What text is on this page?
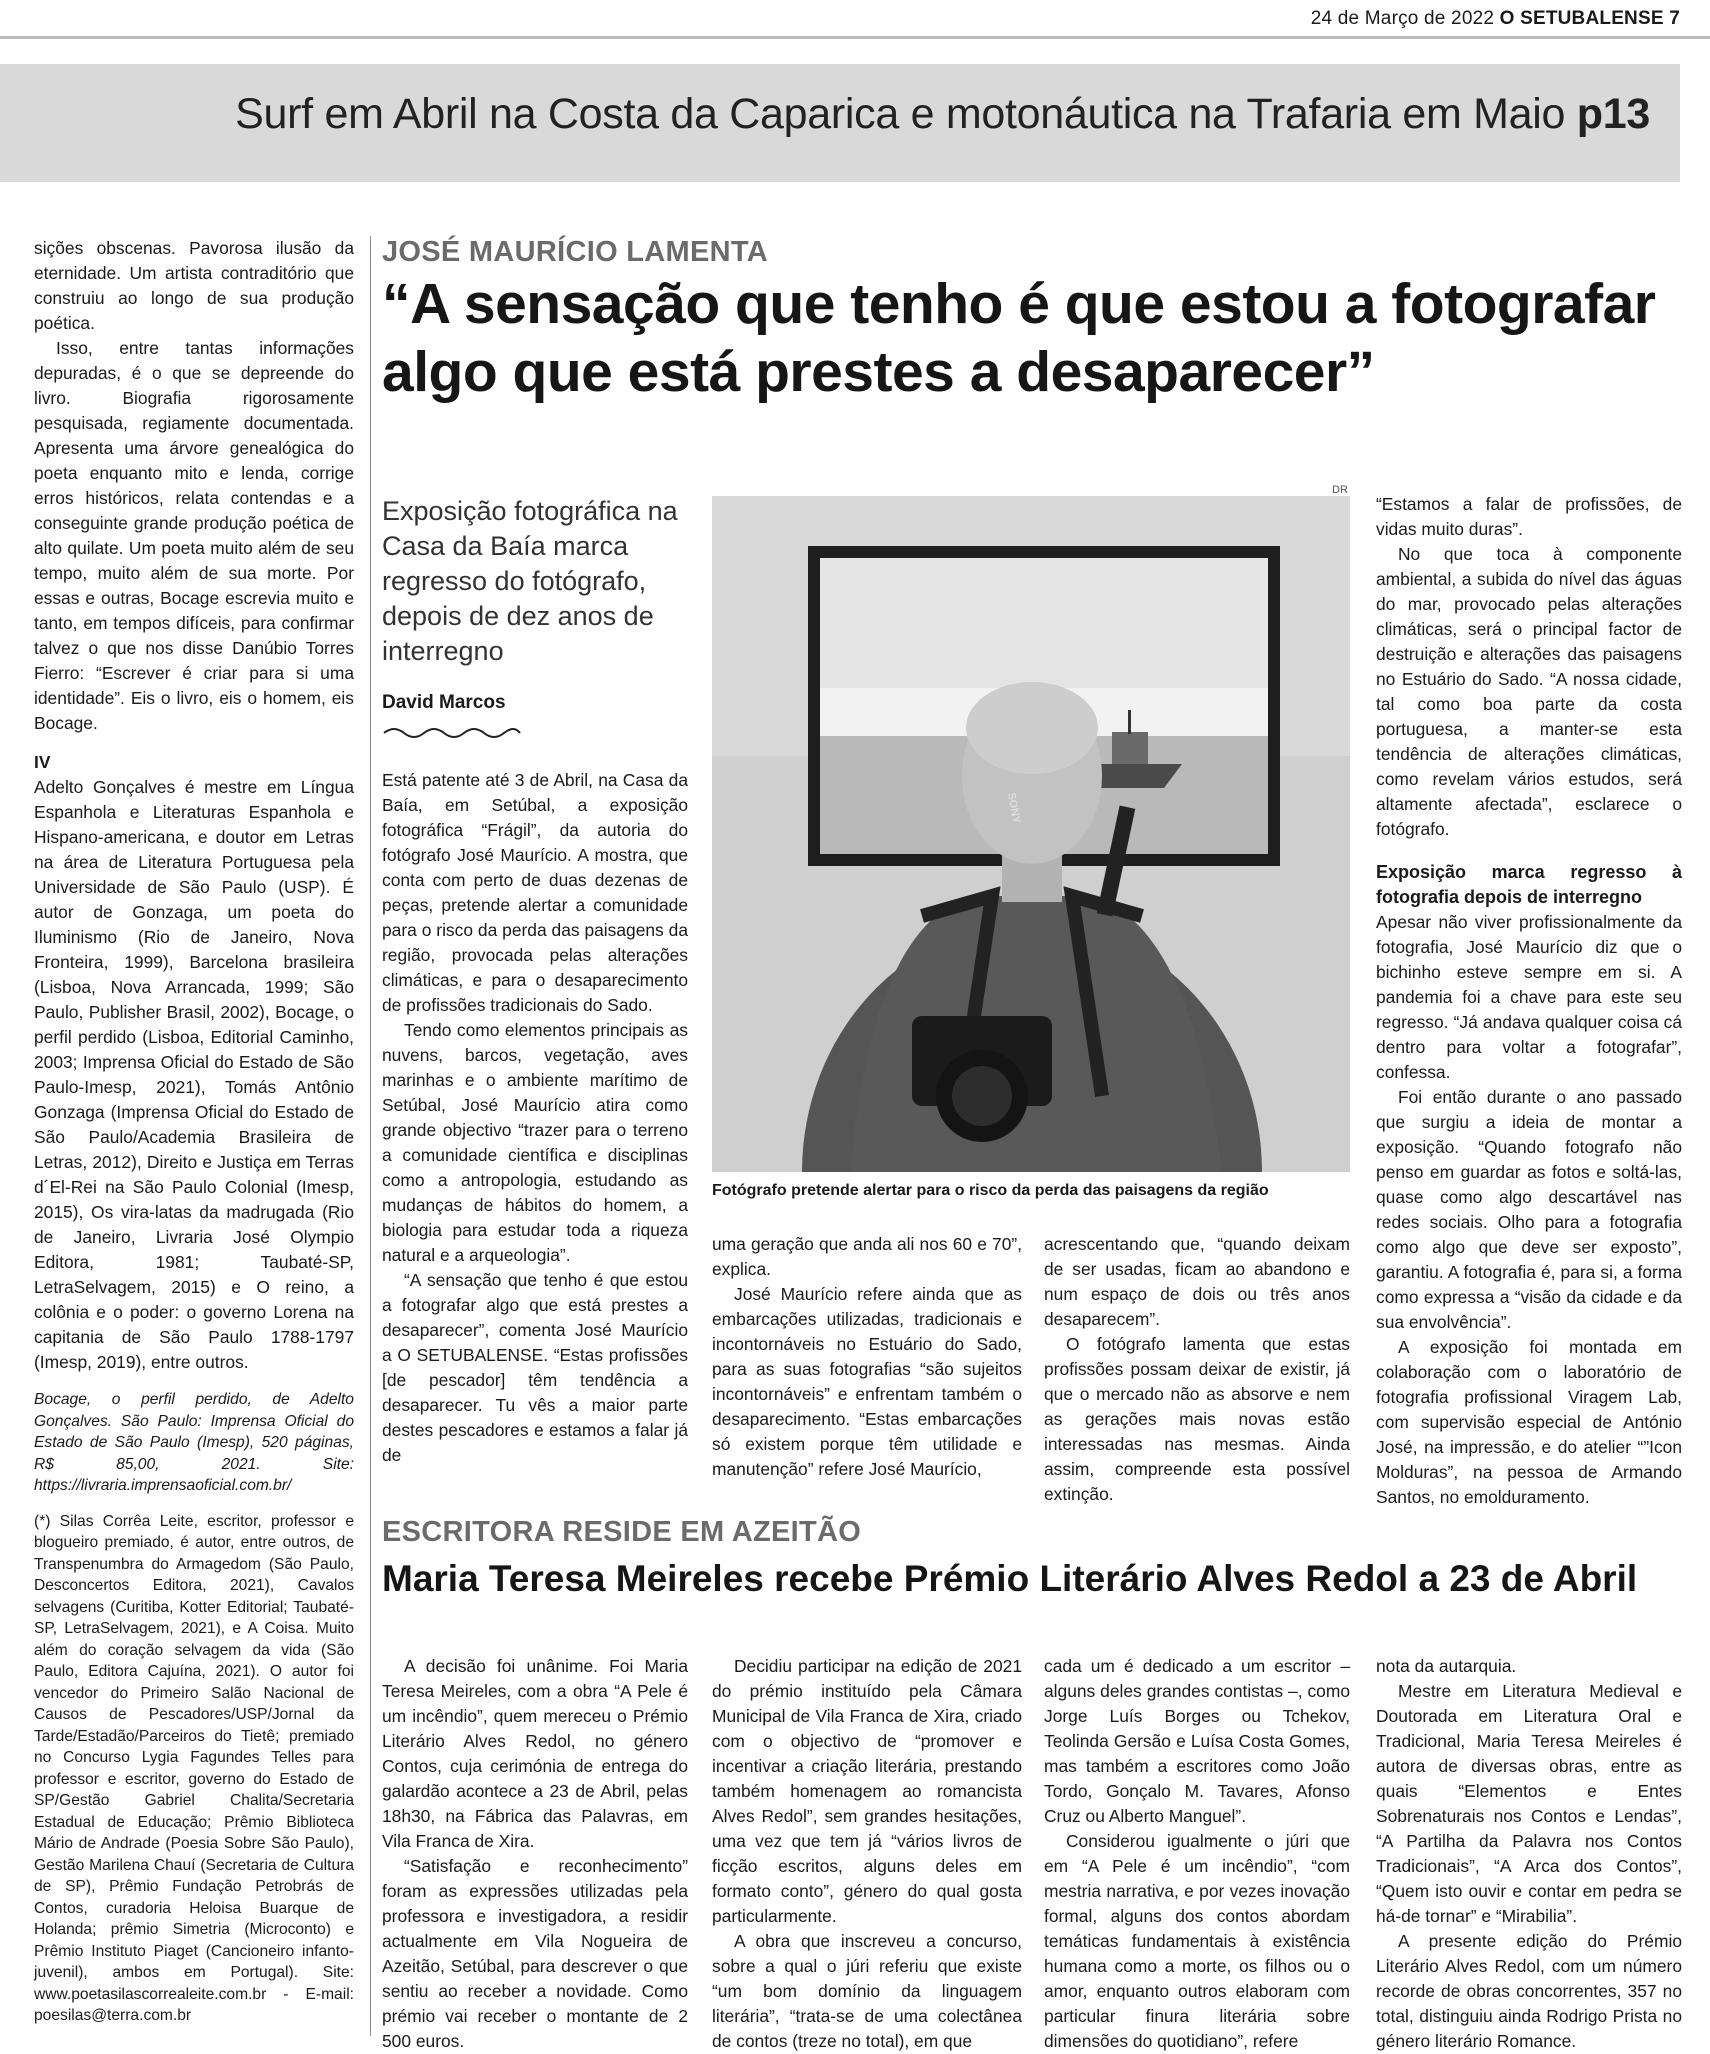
24 de Março de 2022 O SETUBALENSE 7
Surf em Abril na Costa da Caparica e motonáutica na Trafaria em Maio p13

sições obscenas. Pavorosa ilusão da eternidade. Um artista contraditório que construiu ao longo de sua produção poética.

Isso, entre tantas informações depuradas, é o que se depreende do livro. Biografia rigorosamente pesquisada, regiamente documentada. Apresenta uma árvore genealógica do poeta enquanto mito e lenda, corrige erros históricos, relata contendas e a conseguinte grande produção poética de alto quilate. Um poeta muito além de seu tempo, muito além de sua morte. Por essas e outras, Bocage escrevia muito e tanto, em tempos difíceis, para confirmar talvez o que nos disse Danúbio Torres Fierro: “Escrever é criar para si uma identidade”. Eis o livro, eis o homem, eis Bocage.

IV

Adelto Gonçalves é mestre em Língua Espanhola e Literaturas Espanhola e Hispano-americana, e doutor em Letras na área de Literatura Portuguesa pela Universidade de São Paulo (USP). É autor de Gonzaga, um poeta do Iluminismo (Rio de Janeiro, Nova Fronteira, 1999), Barcelona brasileira (Lisboa, Nova Arrancada, 1999; São Paulo, Publisher Brasil, 2002), Bocage, o perfil perdido (Lisboa, Editorial Caminho, 2003; Imprensa Oficial do Estado de São Paulo-Imesp, 2021), Tomás Antônio Gonzaga (Imprensa Oficial do Estado de São Paulo/Academia Brasileira de Letras, 2012), Direito e Justiça em Terras d´El-Rei na São Paulo Colonial (Imesp, 2015), Os vira-latas da madrugada (Rio de Janeiro, Livraria José Olympio Editora, 1981; Taubaté-SP, LetraSelvagem, 2015) e O reino, a colônia e o poder: o governo Lorena na capitania de São Paulo 1788-1797 (Imesp, 2019), entre outros.

Bocage, o perfil perdido, de Adelto Gonçalves. São Paulo: Imprensa Oficial do Estado de São Paulo (Imesp), 520 páginas, R$ 85,00, 2021. Site: https://livraria.imprensaoficial.com.br/

(*) Silas Corrêa Leite, escritor, professor e blogueiro premiado, é autor, entre outros, de Transpenumbra do Armagedom (São Paulo, Desconcertos Editora, 2021), Cavalos selvagens (Curitiba, Kotter Editorial; Taubaté-SP, LetraSelvagem, 2021), e A Coisa. Muito além do coração selvagem da vida (São Paulo, Editora Cajuína, 2021). O autor foi vencedor do Primeiro Salão Nacional de Causos de Pescadores/USP/Jornal da Tarde/Estadão/Parceiros do Tietê; premiado no Concurso Lygia Fagundes Telles para professor e escritor, governo do Estado de SP/Gestão Gabriel Chalita/Secretaria Estadual de Educação; Prêmio Biblioteca Mário de Andrade (Poesia Sobre São Paulo), Gestão Marilena Chauí (Secretaria de Cultura de SP), Prêmio Fundação Petrobrás de Contos, curadoria Heloisa Buarque de Holanda; prêmio Simetria (Microconto) e Prêmio Instituto Piaget (Cancioneiro infanto-juvenil), ambos em Portugal). Site: www.poetasilascorrealeite.com.br - E-mail: poesilas@terra.com.br

JOSÉ MAURÍCIO LAMENTA
“A sensação que tenho é que estou a fotografar
algo que está prestes a desaparecer”
Exposição fotográfica na Casa da Baía marca regresso do fotógrafo, depois de dez anos de interregno
David Marcos

Está patente até 3 de Abril, na Casa da Baía, em Setúbal, a exposição fotográfica “Frágil”, da autoria do fotógrafo José Maurício. A mostra, que conta com perto de duas dezenas de peças, pretende alertar a comunidade para o risco da perda das paisagens da região, provocada pelas alterações climáticas, e para o desaparecimento de profissões tradicionais do Sado.

Tendo como elementos principais as nuvens, barcos, vegetação, aves marinhas e o ambiente marítimo de Setúbal, José Maurício atira como grande objectivo “trazer para o terreno a comunidade científica e disciplinas como a antropologia, estudando as mudanças de hábitos do homem, a biologia para estudar toda a riqueza natural e a arqueologia”.

“A sensação que tenho é que estou a fotografar algo que está prestes a desaparecer”, comenta José Maurício a O SETUBALENSE. “Estas profissões [de pescador] têm tendência a desaparecer. Tu vês a maior parte destes pescadores e estamos a falar já de

DR
SONY
Fotógrafo pretende alertar para o risco da perda das paisagens da região

uma geração que anda ali nos 60 e 70”, explica.

José Maurício refere ainda que as embarcações utilizadas, tradicionais e incontornáveis no Estuário do Sado, para as suas fotografias “são sujeitos incontornáveis” e enfrentam também o desaparecimento. “Estas embarcações só existem porque têm utilidade e manutenção” refere José Maurício,

acrescentando que, “quando deixam de ser usadas, ficam ao abandono e num espaço de dois ou três anos desaparecem”.

O fotógrafo lamenta que estas profissões possam deixar de existir, já que o mercado não as absorve e nem as gerações mais novas estão interessadas nas mesmas. Ainda assim, compreende esta possível extinção.

“Estamos a falar de profissões, de vidas muito duras”.

No que toca à componente ambiental, a subida do nível das águas do mar, provocado pelas alterações climáticas, será o principal factor de destruição e alterações das paisagens no Estuário do Sado. “A nossa cidade, tal como boa parte da costa portuguesa, a manter-se esta tendência de alterações climáticas, como revelam vários estudos, será altamente afectada”, esclarece o fotógrafo.

Exposição marca regresso à fotografia depois de interregno

Apesar não viver profissionalmente da fotografia, José Maurício diz que o bichinho esteve sempre em si. A pandemia foi a chave para este seu regresso. “Já andava qualquer coisa cá dentro para voltar a fotografar”, confessa.

Foi então durante o ano passado que surgiu a ideia de montar a exposição. “Quando fotografo não penso em guardar as fotos e soltá-las, quase como algo descartável nas redes sociais. Olho para a fotografia como algo que deve ser exposto”, garantiu. A fotografia é, para si, a forma como expressa a “visão da cidade e da sua envolvência”.

A exposição foi montada em colaboração com o laboratório de fotografia profissional Viragem Lab, com supervisão especial de António José, na impressão, e do atelier “”Icon Molduras”, na pessoa de Armando Santos, no emolduramento.

ESCRITORA RESIDE EM AZEITÃO
Maria Teresa Meireles recebe Prémio Literário Alves Redol a 23 de Abril

A decisão foi unânime. Foi Maria Teresa Meireles, com a obra “A Pele é um incêndio”, quem mereceu o Prémio Literário Alves Redol, no género Contos, cuja cerimónia de entrega do galardão acontece a 23 de Abril, pelas 18h30, na Fábrica das Palavras, em Vila Franca de Xira.

“Satisfação e reconhecimento” foram as expressões utilizadas pela professora e investigadora, a residir actualmente em Vila Nogueira de Azeitão, Setúbal, para descrever o que sentiu ao receber a novidade. Como prémio vai receber o montante de 2 500 euros.

Decidiu participar na edição de 2021 do prémio instituído pela Câmara Municipal de Vila Franca de Xira, criado com o objectivo de “promover e incentivar a criação literária, prestando também homenagem ao romancista Alves Redol”, sem grandes hesitações, uma vez que tem já “vários livros de ficção escritos, alguns deles em formato conto”, género do qual gosta particularmente.

A obra que inscreveu a concurso, sobre a qual o júri referiu que existe “um bom domínio da linguagem literária”, “trata-se de uma colectânea de contos (treze no total), em que

cada um é dedicado a um escritor – alguns deles grandes contistas –, como Jorge Luís Borges ou Tchekov, Teolinda Gersão e Luísa Costa Gomes, mas também a escritores como João Tordo, Gonçalo M. Tavares, Afonso Cruz ou Alberto Manguel”.

Considerou igualmente o júri que em “A Pele é um incêndio”, “com mestria narrativa, e por vezes inovação formal, alguns dos contos abordam temáticas fundamentais à existência humana como a morte, os filhos ou o amor, enquanto outros elaboram com particular finura literária sobre dimensões do quotidiano”, refere

nota da autarquia.

Mestre em Literatura Medieval e Doutorada em Literatura Oral e Tradicional, Maria Teresa Meireles é autora de diversas obras, entre as quais “Elementos e Entes Sobrenaturais nos Contos e Lendas”, “A Partilha da Palavra nos Contos Tradicionais”, “A Arca dos Contos”, “Quem isto ouvir e contar em pedra se há-de tornar” e “Mirabilia”.

A presente edição do Prémio Literário Alves Redol, com um número recorde de obras concorrentes, 357 no total, distinguiu ainda Rodrigo Prista no género literário Romance.
